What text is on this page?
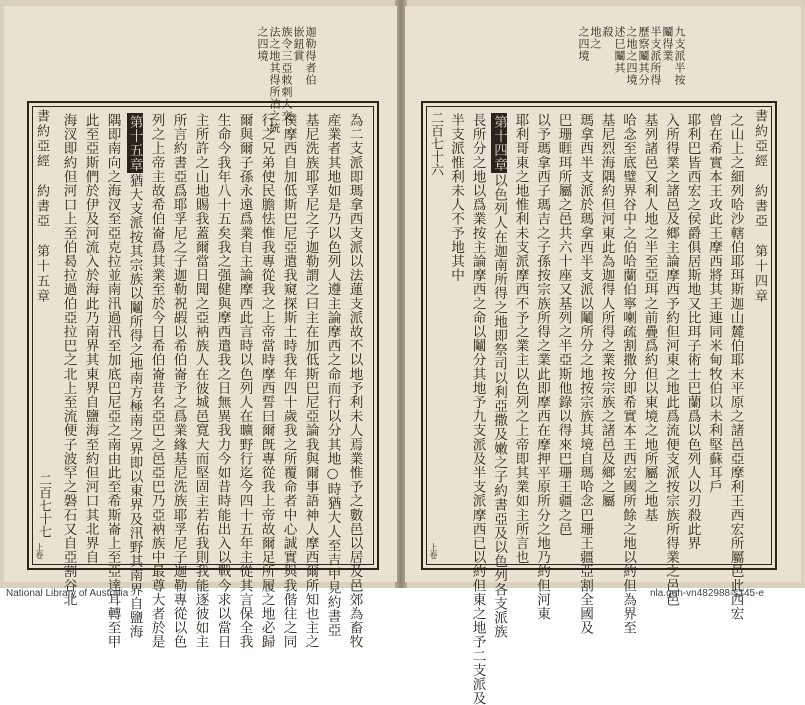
迦勒得者伯
嵌鈕賞
族令三亞敕刺大交
法之地其得所泊之統
之四境
為二支派即瑪拿西支派以法蓮支派故不以地予利未人焉業惟予之數邑以居及邑郊為畜牧
産業者其地如是乃以色列人遵主論摩西之命而行以分其地○時猶大人至吉甲見約書亞
基尼洗族耶孚尼之子迦勒謂之曰主在加低斯巴尼亞論我與爾事語神人摩西爾所知也主之
僕摩西自加低斯巴尼亞遣我窺探斯土時我年四十歲我之所覆命者中心誠實與我偕往之同
行之兄弟使民膽怯惟我專從我之上帝當時摩西誓曰爾旣專從我上帝故爾足所履之地必歸
爾與爾子孫永遠爲業自主論摩西此言時以色列人在曠野行迄今四十五年主從其言保全我
生命今我年八十五矣我之强健與摩西遣我之日無異我力今如昔時能出入以戰今求以當日
主所許之山地賜我蓋爾當日聞之亞衲族人在彼城邑寬大而堅固主若佑我則我能逐彼如主
所言約書亞爲耶孚尼之子迦勒祝嘏以希伯崙予之爲業緣基尼洗族耶孚尼子迦勒專從以色
列之上帝主故希伯崙爲其業至於今日希伯崙昔名亞巴之邑亞巴乃亞衲族中最尊大者於是
第十五章猶大支派按其宗族以鬮所得之地南方極南之界即以東界及汛野其南界自鹽海
隅即南向之海汊至亞克拉並南汛過汛至加底巴尼亞之南由此至希斯崙上至亞達耳轉至甲
此至亞斯們於伊及河流入於海此乃南界其東界自鹽海至約但河口其北界自
海汊即約但河口上至伯曷拉過伯亞拉巴之北上至流便子波罕之磐石又自亞割谷北
書約亞經　約書亞　第十五章
二百七十七
上卷
九支派半按
鬮得業
半支派所得
歷察鬮其分
之地之四境
述巳鬮其
殺
地之
之四境
之山上之細列哈沙轄伯耶珥斯迦山麓伯耶末平原之諸邑亞摩利王西宏所屬邑此西宏
曾在希實本王攻此王摩西將其王連同米甸牧伯以未利堅蘇耳戶
耶利巴皆西宏之侯爵俱居斯地又比珥子術士巴蘭爲以色列人以刃殺此界
入所得業之諸邑及鄉主論摩西予約但河東之地此爲流便支派按宗族所得業之邑邑
基列諸邑又利人地之半至亞珥之前疊爲約但以東境之地所屬之地基
哈念至底璧界谷中之伯哈蘭伯寧喇疏割撒分即希實本王西宏國所餘之地以約但為界至
基尼烈海隅約但河東此為迦得人所得之業按宗族之諸邑及鄉之屬
瑪拿西半支派於瑪拿西半支派以鬮所分之地按宗族其境自瑪哈念巴珊王疆亞割全國及
巴珊睚珥所屬之邑共六十座又基列之半亞斯他錄以得來巴珊王疆之邑
以予瑪拿西子瑪吉之子孫按宗族所得之業此即摩西在摩押平原所分之地乃約但河東
耶利哥東之地惟利未支派摩西不予之業主以色列之上帝即其業如主所言也
第十四章以色列人在迦南所得之地即祭司以利亞撒及嫩之子約書亞及以色列各支派族
長所分之地以爲業按主論摩西之命以鬮分其地予九支派及半支派摩西已以約但東之地予二支派及
半支派惟利未人不予地其中	書約亞經　約書亞　第十四章
二百七十六
上卷
National Library of Australia	nla.gen-vn482988-s145-e
